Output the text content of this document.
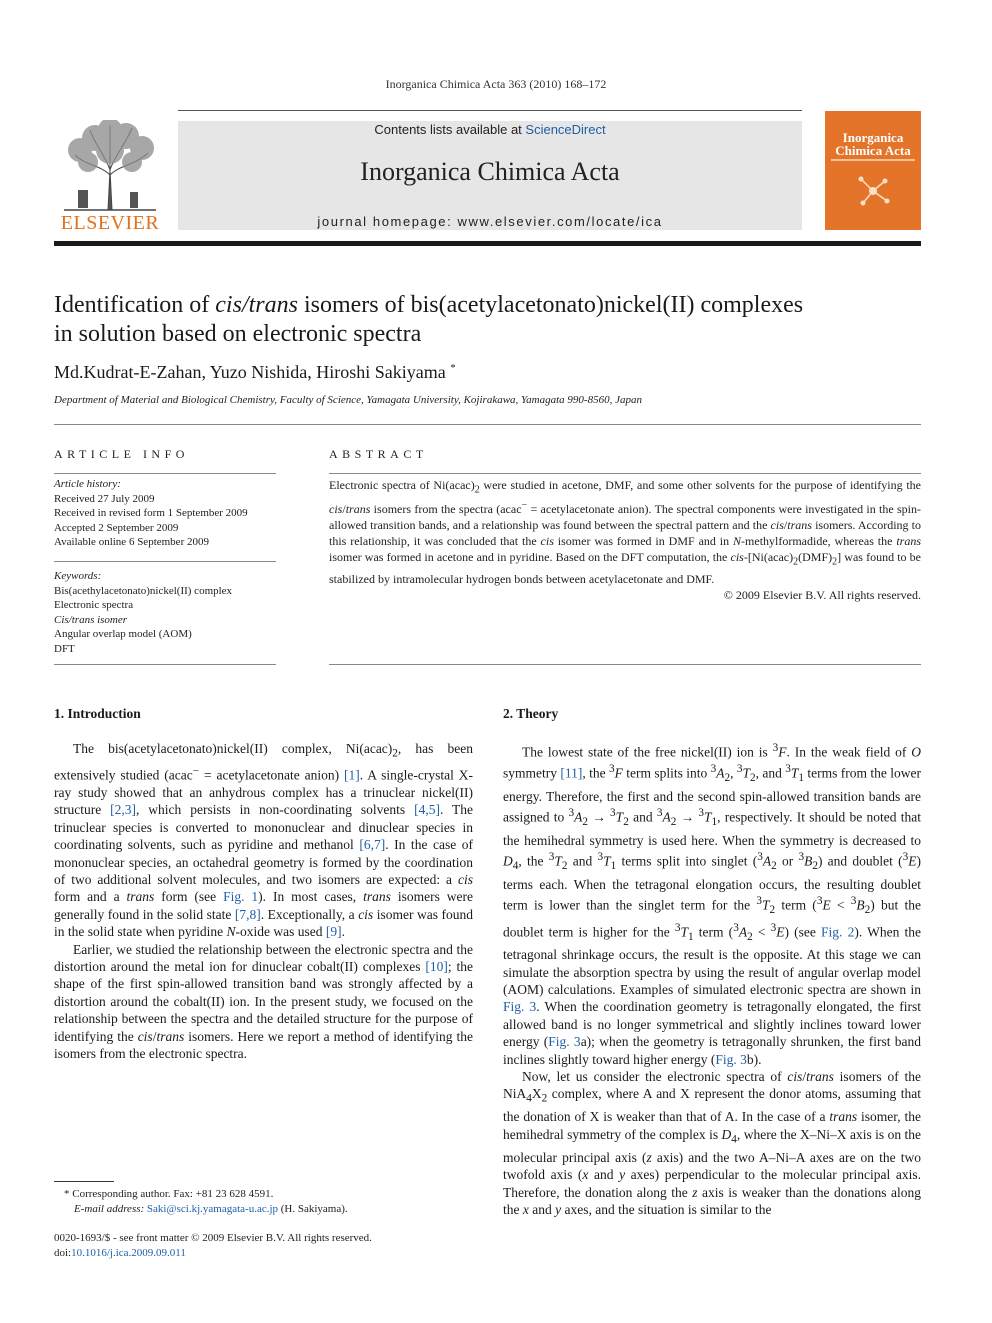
Inorganica Chimica Acta 363 (2010) 168–172
ELSEVIER
Contents lists available at ScienceDirect
Inorganica Chimica Acta
journal homepage: www.elsevier.com/locate/ica
Inorganica
Chimica Acta
Identification of cis/trans isomers of bis(acetylacetonato)nickel(II) complexes
in solution based on electronic spectra
Md.Kudrat-E-Zahan, Yuzo Nishida, Hiroshi Sakiyama *
Department of Material and Biological Chemistry, Faculty of Science, Yamagata University, Kojirakawa, Yamagata 990-8560, Japan
ARTICLE INFO
Article history:
Received 27 July 2009
Received in revised form 1 September 2009
Accepted 2 September 2009
Available online 6 September 2009
Keywords:
Bis(acethylacetonato)nickel(II) complex
Electronic spectra
Cis/trans isomer
Angular overlap model (AOM)
DFT
ABSTRACT
Electronic spectra of $Ni(acac)_2$ were studied in acetone, DMF, and some other solvents for the purpose of identifying the cis/trans isomers from the spectra (acac− = acetylacetonate anion). The spectral components were investigated in the spin-allowed transition bands, and a relationship was found between the spectral pattern and the cis/trans isomers. According to this relationship, it was concluded that the cis isomer was formed in DMF and in N-methylformadide, whereas the trans isomer was formed in acetone and in pyridine. Based on the DFT computation, the cis-$[Ni(acac)_2(DMF)_2]$ was found to be stabilized by intramolecular hydrogen bonds between acetylacetonate and DMF.
© 2009 Elsevier B.V. All rights reserved.
1. Introduction

The bis(acetylacetonato)nickel(II) complex, $Ni(acac)_2$, has been extensively studied (acac− = acetylacetonate anion) [1]. A single-crystal X-ray study showed that an anhydrous complex has a trinuclear nickel(II) structure [2,3], which persists in non-coordinating solvents [4,5]. The trinuclear species is converted to mononuclear and dinuclear species in coordinating solvents, such as pyridine and methanol [6,7]. In the case of mononuclear species, an octahedral geometry is formed by the coordination of two additional solvent molecules, and two isomers are expected: a cis form and a trans form (see Fig. 1). In most cases, trans isomers were generally found in the solid state [7,8]. Exceptionally, a cis isomer was found in the solid state when pyridine N-oxide was used [9].

Earlier, we studied the relationship between the electronic spectra and the distortion around the metal ion for dinuclear cobalt(II) complexes [10]; the shape of the first spin-allowed transition band was strongly affected by a distortion around the cobalt(II) ion. In the present study, we focused on the relationship between the spectra and the detailed structure for the purpose of identifying the cis/trans isomers. Here we report a method of identifying the isomers from the electronic spectra.

2. Theory

The lowest state of the free nickel(II) ion is $^3$F. In the weak field of O symmetry [11], the $^3$F term splits into $^3A_2$, $^3T_2$, and $^3T_1$ terms from the lower energy. Therefore, the first and the second spin-allowed transition bands are assigned to $^3A_2 \to ^3T_2$ and $^3A_2 \to ^3T_1$, respectively. It should be noted that the hemihedral symmetry is used here. When the symmetry is decreased to $D_4$, the $^3T_2$ and $^3T_1$ terms split into singlet ($^3A_2$ or $^3B_2$) and doublet ($^3$E) terms each. When the tetragonal elongation occurs, the resulting doublet term is lower than the singlet term for the $^3T_2$ term $(^3E < ^3B_2)$ but the doublet term is higher for the $^3T_1$ term $(^3A_2 < ^3E)$ (see Fig. 2). When the tetragonal shrinkage occurs, the result is the opposite. At this stage we can simulate the absorption spectra by using the result of angular overlap model (AOM) calculations. Examples of simulated electronic spectra are shown in Fig. 3. When the coordination geometry is tetragonally elongated, the first allowed band is no longer symmetrical and slightly inclines toward lower energy (Fig. 3a); when the geometry is tetragonally shrunken, the first band inclines slightly toward higher energy (Fig. 3b).

Now, let us consider the electronic spectra of cis/trans isomers of the $NiA_4X_2$ complex, where A and X represent the donor atoms, assuming that the donation of X is weaker than that of A. In the case of a trans isomer, the hemihedral symmetry of the complex is $D_4$, where the X–Ni–X axis is on the molecular principal axis (z axis) and the two A–Ni–A axes are on the two twofold axis (x and y axes) perpendicular to the molecular principal axis. Therefore, the donation along the z axis is weaker than the donations along the x and y axes, and the situation is similar to the

* Corresponding author. Fax: +81 23 628 4591.
E-mail address: Saki@sci.kj.yamagata-u.ac.jp (H. Sakiyama).
0020-1693/$ - see front matter © 2009 Elsevier B.V. All rights reserved.
doi:10.1016/j.ica.2009.09.011
